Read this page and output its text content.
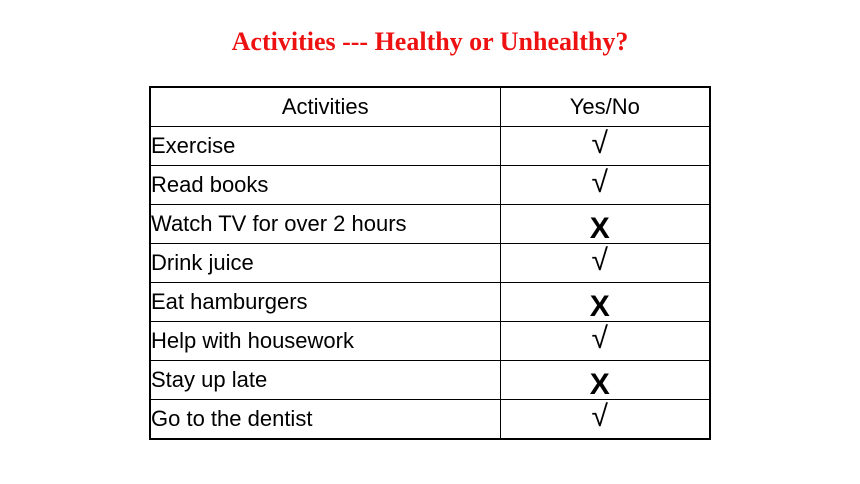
Activities --- Healthy or Unhealthy?
Activities	Yes/No
Exercise	√
Read books	√
Watch TV for over 2 hours	X
Drink juice	√
Eat hamburgers	X
Help with housework	√
Stay up late	X
Go to the dentist	√
